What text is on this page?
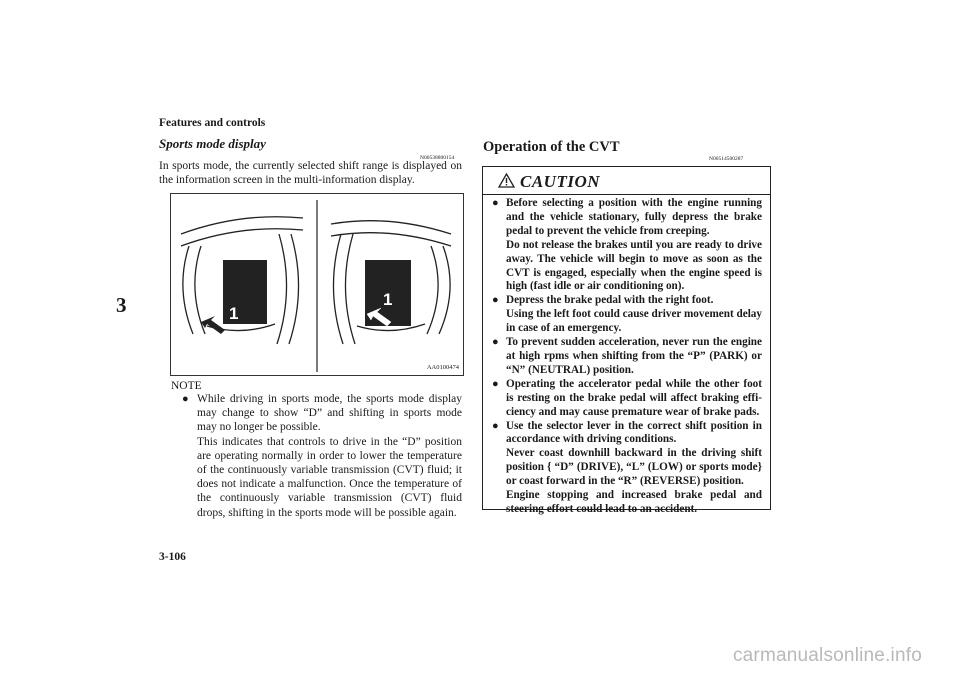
Features and controls
3
Sports mode display
N00538800154
In sports mode, the currently selected shift range is displayed on the information screen in the multi-information display.
1
1
AA0100474
NOTE
● While driving in sports mode, the sports mode display may change to show “D” and shifting in sports mode may no longer be possible.
This indicates that controls to drive in the “D” position are operating normally in order to lower the temperature of the continuously variable transmission (CVT) fluid; it does not indicate a malfunction. Once the temperature of the continuously variable transmission (CVT) fluid drops, shifting in the sports mode will be possible again.
Operation of the CVT
N00514500287
CAUTION
● Before selecting a position with the engine running and the vehicle stationary, fully depress the brake pedal to prevent the vehicle from creeping.
Do not release the brakes until you are ready to drive away. The vehicle will begin to move as soon as the CVT is engaged, especially when the engine speed is high (fast idle or air conditioning on).
● Depress the brake pedal with the right foot.
Using the left foot could cause driver movement delay in case of an emergency.
● To prevent sudden acceleration, never run the engine at high rpms when shifting from the “P” (PARK) or “N” (NEUTRAL) position.
● Operating the accelerator pedal while the other foot is resting on the brake pedal will affect braking effi-ciency and may cause premature wear of brake pads.
● Use the selector lever in the correct shift position in accordance with driving conditions.
Never coast downhill backward in the driving shift position { “D” (DRIVE), “L” (LOW) or sports mode} or coast forward in the “R” (REVERSE) position.
Engine stopping and increased brake pedal and steering effort could lead to an accident.
3-106
carmanualsonline.info
